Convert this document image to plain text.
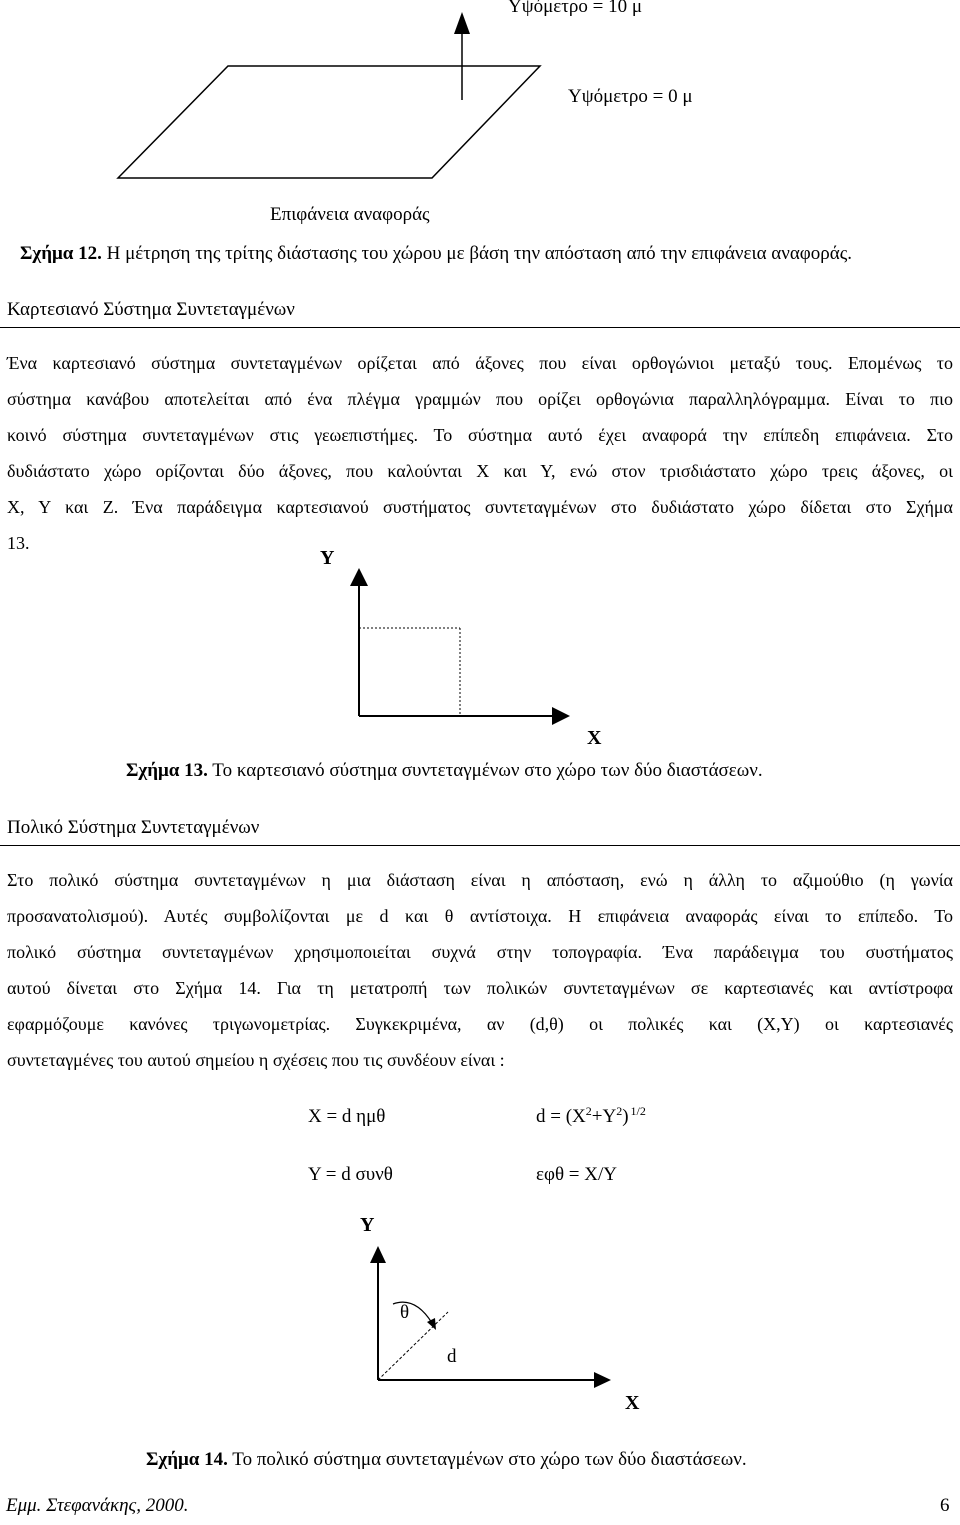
Υψόμετρο = 10 μ
Υψόμετρο = 0 μ
Επιφάνεια αναφοράς
Σχήμα 12. Η μέτρηση της τρίτης διάστασης του χώρου με βάση την απόσταση από την επιφάνεια αναφοράς.
Καρτεσιανό Σύστημα Συντεταγμένων
Ένα καρτεσιανό σύστημα συντεταγμένων ορίζεται από άξονες που είναι ορθογώνιοι μεταξύ τους. Επομένως το
σύστημα κανάβου αποτελείται από ένα πλέγμα γραμμών που ορίζει ορθογώνια παραλληλόγραμμα. Είναι το πιο
κοινό σύστημα συντεταγμένων στις γεωεπιστήμες. Το σύστημα αυτό έχει αναφορά την επίπεδη επιφάνεια. Στο
δυδιάστατο χώρο ορίζονται δύο άξονες, που καλούνται Χ και Υ, ενώ στον τρισδιάστατο χώρο τρεις άξονες, οι
Χ, Υ και Ζ. Ένα παράδειγμα καρτεσιανού συστήματος συντεταγμένων στο δυδιάστατο χώρο δίδεται στο Σχήμα
13.
Y
X
Σχήμα 13. Το καρτεσιανό σύστημα συντεταγμένων στο χώρο των δύο διαστάσεων.
Πολικό Σύστημα Συντεταγμένων
Στο πολικό σύστημα συντεταγμένων η μια διάσταση είναι η απόσταση, ενώ η άλλη το αζιμούθιο (η γωνία
προσανατολισμού). Αυτές συμβολίζονται με d και θ αντίστοιχα. Η επιφάνεια αναφοράς είναι το επίπεδο. Το
πολικό σύστημα συντεταγμένων χρησιμοποιείται συχνά στην τοπογραφία. Ένα παράδειγμα του συστήματος
αυτού δίνεται στο Σχήμα 14. Για τη μετατροπή των πολικών συντεταγμένων σε καρτεσιανές και αντίστροφα
εφαρμόζουμε κανόνες τριγωνομετρίας. Συγκεκριμένα, αν (d,θ) οι πολικές και (Χ,Υ) οι καρτεσιανές
συντεταγμένες του αυτού σημείου η σχέσεις που τις συνδέουν είναι :
X = d ημθ	$d = (X^2+Y^2)$ $^{1/2}$
Y = d συνθ	εφθ = X/Y
Y
θ
d
X
Σχήμα 14. Το πολικό σύστημα συντεταγμένων στο χώρο των δύο διαστάσεων.
Εμμ. Στεφανάκης, 2000.	6
